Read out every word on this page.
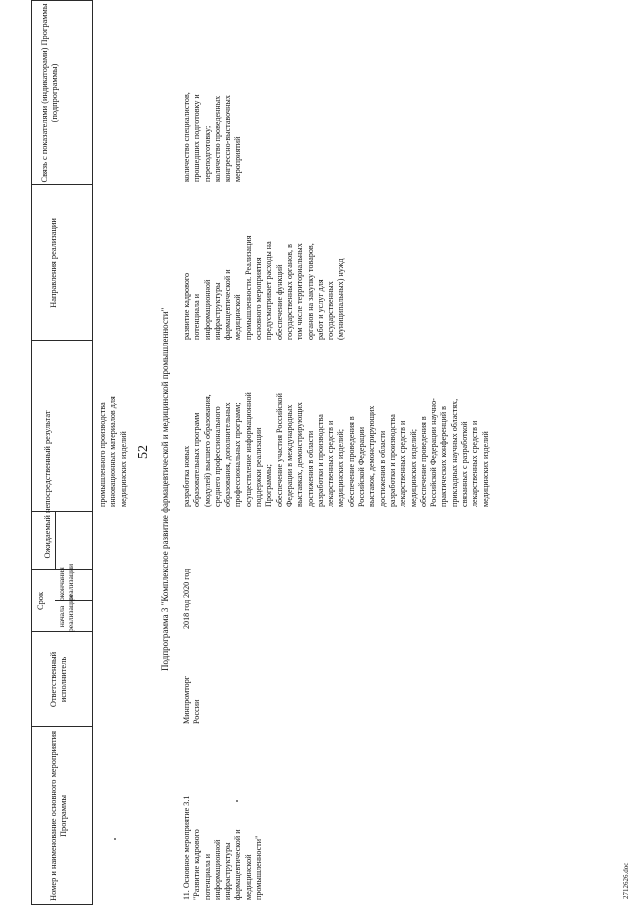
52
Номер и наименование основного мероприятия Программы
Ответственный исполнитель
Срок
начала реализации
окончания реализации
Ожидаемый непосредственный результат
Направления реализации
Связь с показателями (индикаторами) Программы (подпрограммы)
промышленного производства
инновационных материалов для
медицинских изделий	Подпрограмма 3 "Комплексное развитие фармацевтической и медицинской промышленности"
11. Основное мероприятие 3.1
"Развитие кадрового
потенциала и
информационной
инфраструктуры
фармацевтической и
медицинской
промышленности"
Минпромторг
России
2018 год
2020 год
разработка новых
образовательных программ
(модулей) высшего образования,
среднего профессионального
образования, дополнительных
профессиональных программ;
осуществление информационной
поддержки реализации
Программы;
обеспечение участия Российской
Федерации в международных
выставках, демонстрирующих
достижения в области
разработки и производства
лекарственных средств и
медицинских изделий;
обеспечение проведения в
Российской Федерации
выставок, демонстрирующих
достижения в области
разработки и производства
лекарственных средств и
медицинских изделий;
обеспечение проведения в
Российской Федерации научно-
практических конференций в
прикладных научных областях,
связанных с разработкой
лекарственных средств и
медицинских изделий
развитие кадрового
потенциала и
информационной
инфраструктуры
фармацевтической и
медицинской
промышленности. Реализация
основного мероприятия
предусматривает расходы на
обеспечение функций
государственных органов, в
том числе территориальных
органов на закупку товаров,
работ и услуг для
государственных
(муниципальных) нужд
количество специалистов,
прошедших подготовку и
переподготовку;
количество проведенных
конгрессно-выставочных
мероприятий
2712626.doc
